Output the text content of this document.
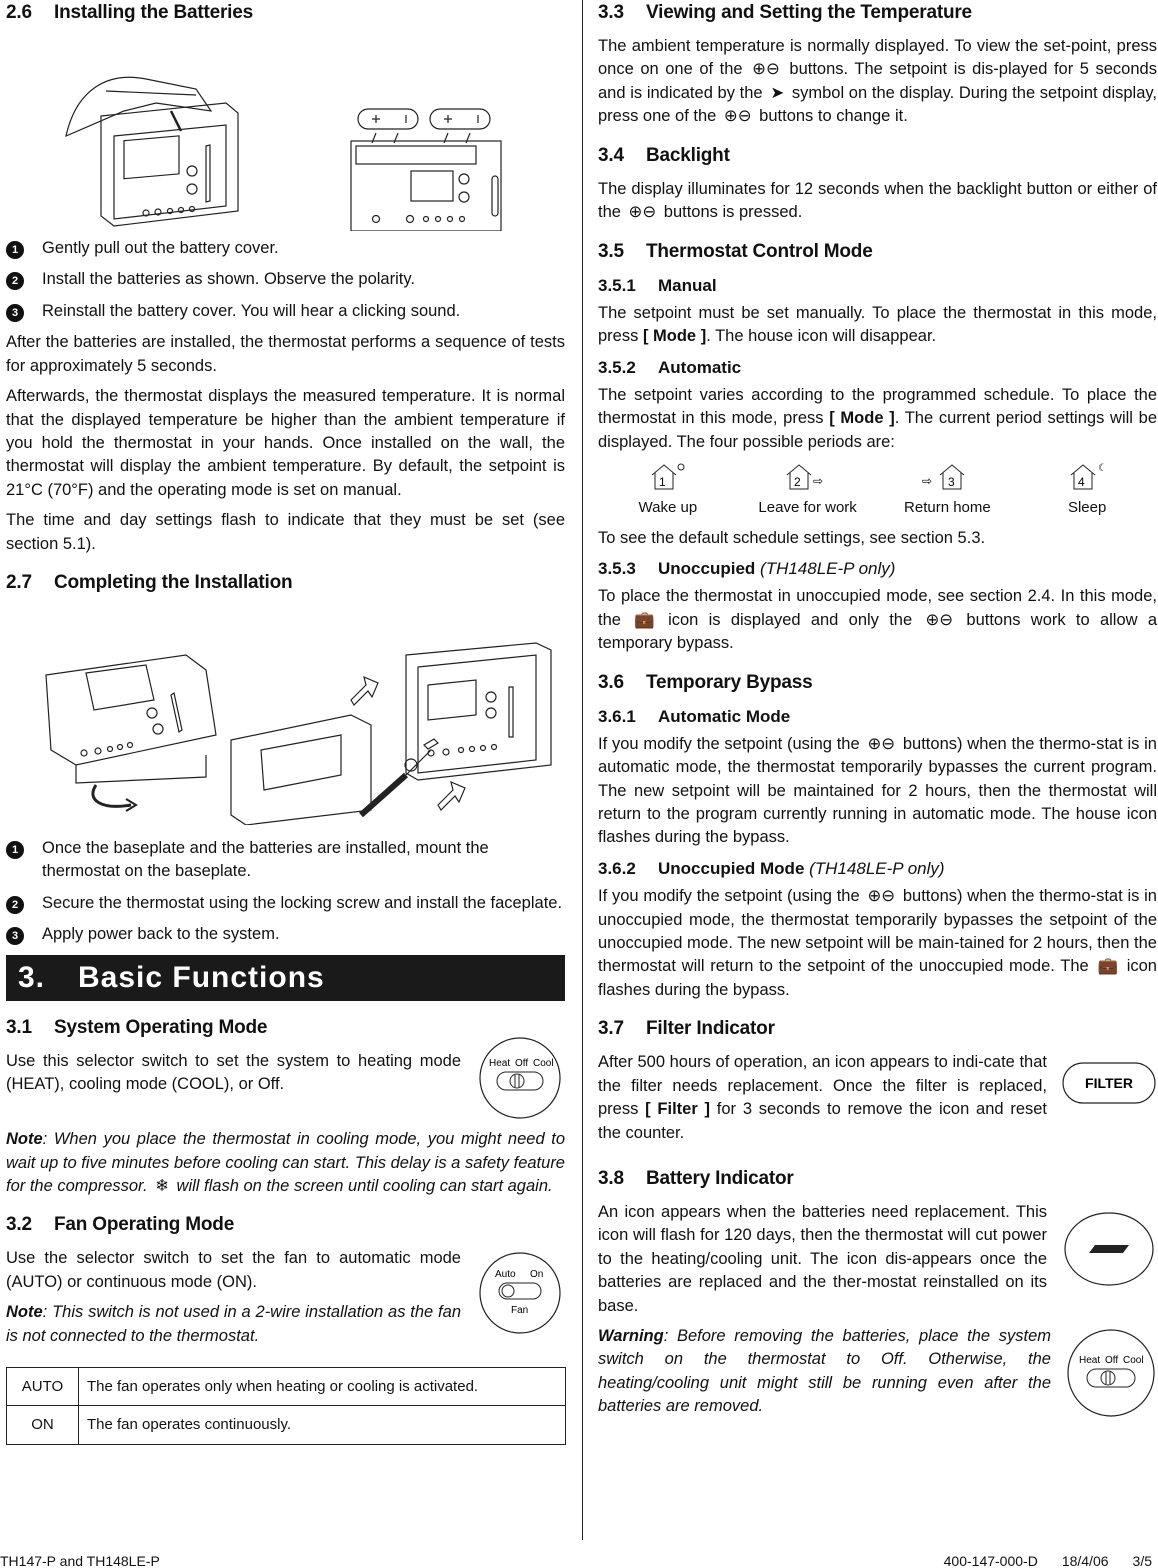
2.6 Installing the Batteries
1	Gently pull out the battery cover.
2	Install the batteries as shown. Observe the polarity.
3	Reinstall the battery cover. You will hear a clicking sound.

After the batteries are installed, the thermostat performs a sequence of tests for approximately 5 seconds.

Afterwards, the thermostat displays the measured temperature. It is normal that the displayed temperature be higher than the ambient temperature if you hold the thermostat in your hands. Once installed on the wall, the thermostat will display the ambient temperature. By default, the setpoint is 21°C (70°F) and the operating mode is set on manual.

The time and day settings flash to indicate that they must be set (see section 5.1).

2.7 Completing the Installation
1	Once the baseplate and the batteries are installed, mount the thermostat on the baseplate.
2	Secure the thermostat using the locking screw and install the faceplate.
3	Apply power back to the system.
3. Basic Functions
3.1 System Operating Mode
Heat Off Cool

Use this selector switch to set the system to heating mode (HEAT), cooling mode (COOL), or Off.

Note: When you place the thermostat in cooling mode, you might need to wait up to five minutes before cooling can start. This delay is a safety feature for the compressor. ❄ will flash on the screen until cooling can start again.

3.2 Fan Operating Mode
Auto On
Fan

Use the selector switch to set the fan to automatic mode (AUTO) or continuous mode (ON).

Note: This switch is not used in a 2-wire installation as the fan is not connected to the thermostat.

AUTO	The fan operates only when heating or cooling is activated.
ON	The fan operates continuously.
3.3 Viewing and Setting the Temperature

The ambient temperature is normally displayed. To view the set-point, press once on one of the ⊕⊖ buttons. The setpoint is dis-played for 5 seconds and is indicated by the ➤ symbol on the display. During the setpoint display, press one of the ⊕⊖ buttons to change it.

3.4 Backlight

The display illuminates for 12 seconds when the backlight button or either of the ⊕⊖ buttons is pressed.

3.5 Thermostat Control Mode
3.5.1 Manual

The setpoint must be set manually. To place the thermostat in this mode, press [ Mode ]. The house icon will disappear.

3.5.2 Automatic

The setpoint varies according to the programmed schedule. To place the thermostat in this mode, press [ Mode ]. The current period settings will be displayed. The four possible periods are:

1
Wake up
2 ⇨
Leave for work
⇨ 3
Return home
4
☾
Sleep

To see the default schedule settings, see section 5.3.

3.5.3 Unoccupied (TH148LE-P only)

To place the thermostat in unoccupied mode, see section 2.4. In this mode, the 💼 icon is displayed and only the ⊕⊖ buttons work to allow a temporary bypass.

3.6 Temporary Bypass
3.6.1 Automatic Mode

If you modify the setpoint (using the ⊕⊖ buttons) when the thermo-stat is in automatic mode, the thermostat temporarily bypasses the current program. The new setpoint will be maintained for 2 hours, then the thermostat will return to the program currently running in automatic mode. The house icon flashes during the bypass.

3.6.2 Unoccupied Mode (TH148LE-P only)

If you modify the setpoint (using the ⊕⊖ buttons) when the thermo-stat is in unoccupied mode, the thermostat temporarily bypasses the setpoint of the unoccupied mode. The new setpoint will be main-tained for 2 hours, then the thermostat will return to the setpoint of the unoccupied mode. The 💼 icon flashes during the bypass.

3.7 Filter Indicator
FILTER

After 500 hours of operation, an icon appears to indi-cate that the filter needs replacement. Once the filter is replaced, press [ Filter ] for 3 seconds to remove the icon and reset the counter.

3.8 Battery Indicator

An icon appears when the batteries need replacement. This icon will flash for 120 days, then the thermostat will cut power to the heating/cooling unit. The icon dis-appears once the batteries are replaced and the ther-mostat reinstalled on its base.

Heat Off Cool

Warning: Before removing the batteries, place the system switch on the thermostat to Off. Otherwise, the heating/cooling unit might still be running even after the batteries are removed.

TH147-P and TH148LE-P	400-147-000-D 18/4/06 3/5
